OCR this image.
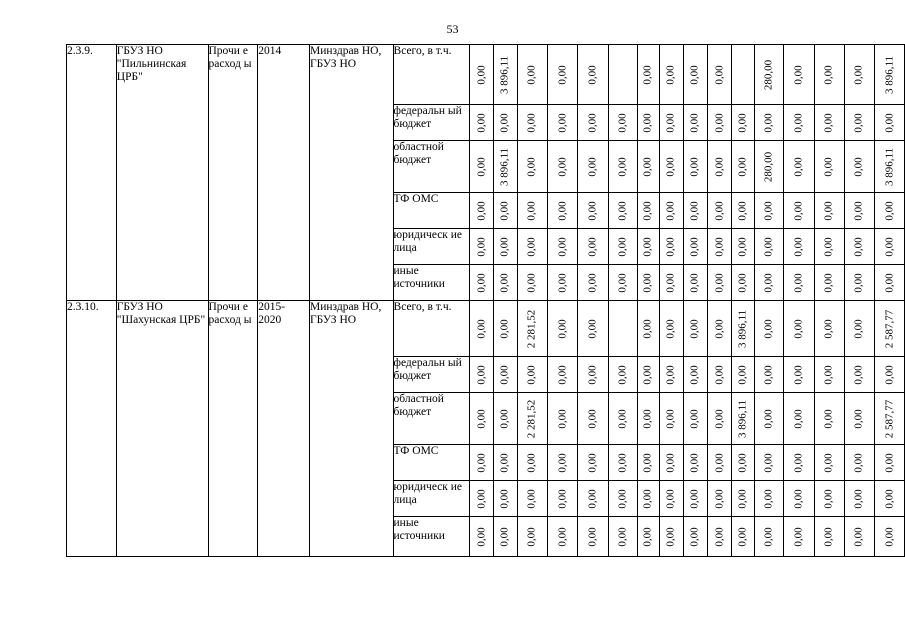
53
2.3.9.	ГБУЗ НО "Пильнинская ЦРБ"	Прочи е расход ы	2014	Минздрав НО, ГБУЗ НО	Всего, в т.ч.	0,00	3 896,11	0,00	0,00	0,00		0,00	0,00	0,00	0,00		280,00	0,00	0,00	0,00	3 896,11

					федеральн ый бюджет	0,00	0,00	0,00	0,00	0,00	0,00	0,00	0,00	0,00	0,00	0,00	0,00	0,00	0,00	0,00	0,00

					областной бюджет	0,00	3 896,11	0,00	0,00	0,00	0,00	0,00	0,00	0,00	0,00	0,00	280,00	0,00	0,00	0,00	3 896,11

					ТФ ОМС	0,00	0,00	0,00	0,00	0,00	0,00	0,00	0,00	0,00	0,00	0,00	0,00	0,00	0,00	0,00	0,00

					юридическ ие лица	0,00	0,00	0,00	0,00	0,00	0,00	0,00	0,00	0,00	0,00	0,00	0,00	0,00	0,00	0,00	0,00

					иные источники	0,00	0,00	0,00	0,00	0,00	0,00	0,00	0,00	0,00	0,00	0,00	0,00	0,00	0,00	0,00	0,00

2.3.10.	ГБУЗ НО "Шахунская ЦРБ"	Прочи е расход ы	2015- 2020	Минздрав НО, ГБУЗ НО	Всего, в т.ч.	0,00	0,00	2 281,52	0,00	0,00		0,00	0,00	0,00	0,00	3 896,11	0,00	0,00	0,00	0,00	2 587,77

					федеральн ый бюджет	0,00	0,00	0,00	0,00	0,00	0,00	0,00	0,00	0,00	0,00	0,00	0,00	0,00	0,00	0,00	0,00

					областной бюджет	0,00	0,00	2 281,52	0,00	0,00	0,00	0,00	0,00	0,00	0,00	3 896,11	0,00	0,00	0,00	0,00	2 587,77

					ТФ ОМС	0,00	0,00	0,00	0,00	0,00	0,00	0,00	0,00	0,00	0,00	0,00	0,00	0,00	0,00	0,00	0,00

					юридическ ие лица	0,00	0,00	0,00	0,00	0,00	0,00	0,00	0,00	0,00	0,00	0,00	0,00	0,00	0,00	0,00	0,00

					иные источники	0,00	0,00	0,00	0,00	0,00	0,00	0,00	0,00	0,00	0,00	0,00	0,00	0,00	0,00	0,00	0,00
